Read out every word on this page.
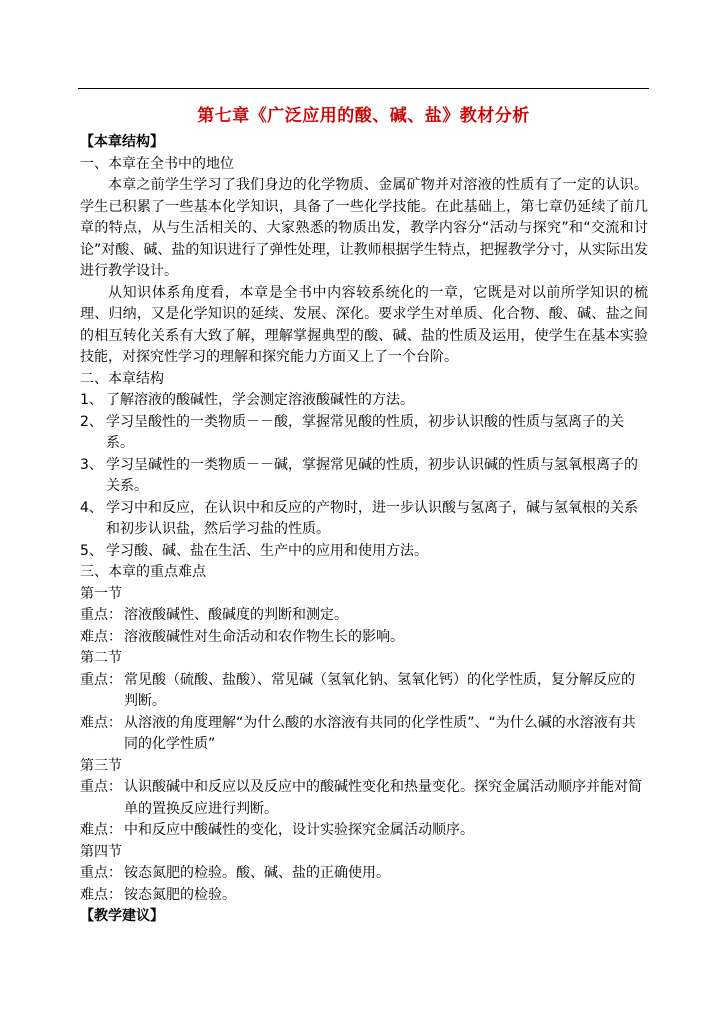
第七章《广泛应用的酸、碱、盐》教材分析

【本章结构】

一、本章在全书中的地位

本章之前学生学习了我们身边的化学物质、金属矿物并对溶液的性质有了一定的认识。学生已积累了一些基本化学知识，具备了一些化学技能。在此基础上，第七章仍延续了前几章的特点，从与生活相关的、大家熟悉的物质出发，教学内容分“活动与探究”和“交流和讨论”对酸、碱、盐的知识进行了弹性处理，让教师根据学生特点，把握教学分寸，从实际出发进行教学设计。

从知识体系角度看，本章是全书中内容较系统化的一章，它既是对以前所学知识的梳理、归纳，又是化学知识的延续、发展、深化。要求学生对单质、化合物、酸、碱、盐之间的相互转化关系有大致了解，理解掌握典型的酸、碱、盐的性质及运用，使学生在基本实验技能，对探究性学习的理解和探究能力方面又上了一个台阶。

二、本章结构

1、 了解溶液的酸碱性，学会测定溶液酸碱性的方法。
2、 学习呈酸性的一类物质－－酸，掌握常见酸的性质，初步认识酸的性质与氢离子的关系。
3、 学习呈碱性的一类物质－－碱，掌握常见碱的性质，初步认识碱的性质与氢氧根离子的关系。
4、 学习中和反应，在认识中和反应的产物时，进一步认识酸与氢离子，碱与氢氧根的关系和初步认识盐，然后学习盐的性质。
5、 学习酸、碱、盐在生活、生产中的应用和使用方法。

三、本章的重点难点

第一节

重点： 溶液酸碱性、酸碱度的判断和测定。
难点： 溶液酸碱性对生命活动和农作物生长的影响。

第二节

重点： 常见酸（硫酸、盐酸）、常见碱（氢氧化钠、氢氧化钙）的化学性质，复分解反应的判断。
难点： 从溶液的角度理解“为什么酸的水溶液有共同的化学性质”、“为什么碱的水溶液有共同的化学性质”

第三节

重点： 认识酸碱中和反应以及反应中的酸碱性变化和热量变化。探究金属活动顺序并能对简单的置换反应进行判断。
难点： 中和反应中酸碱性的变化，设计实验探究金属活动顺序。

第四节

重点： 铵态氮肥的检验。酸、碱、盐的正确使用。
难点： 铵态氮肥的检验。

【教学建议】
